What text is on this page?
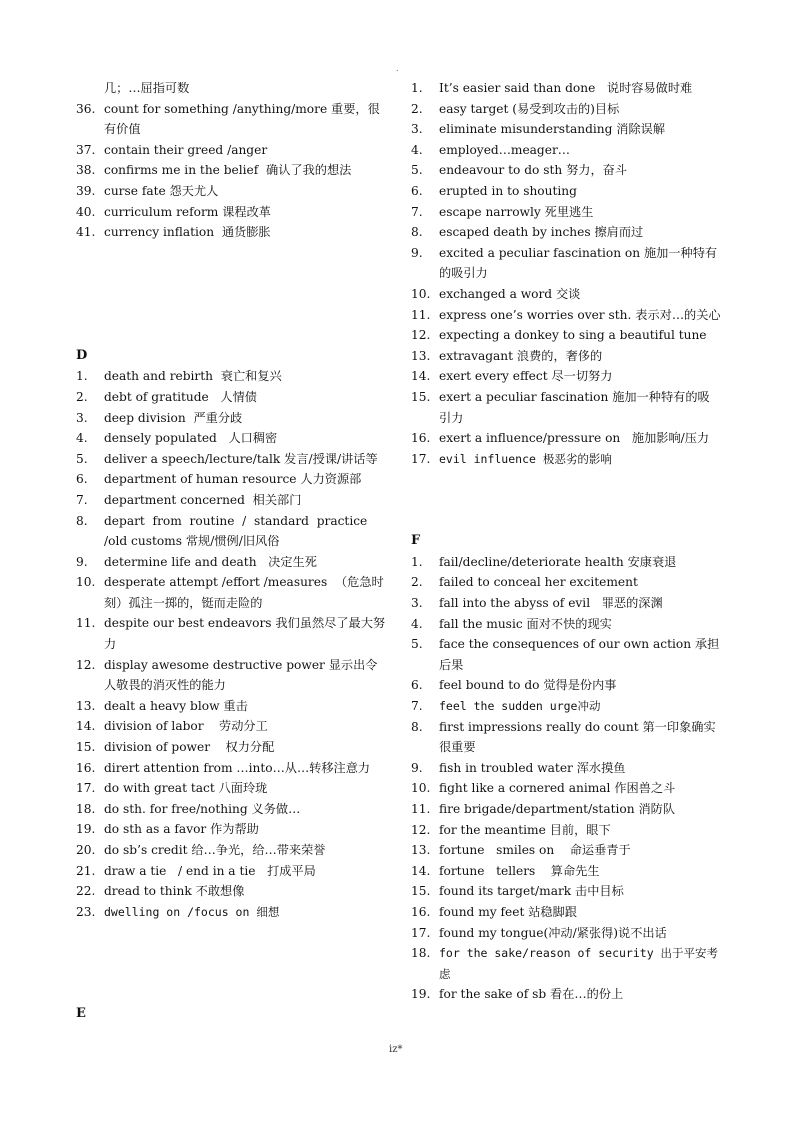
.
几；…屈指可数
36. count for something /anything/more 重要，很有价值
37. contain their greed /anger
38. confirms me in the belief  确认了我的想法
39. curse fate 怨天尤人
40. curriculum reform 课程改革
41. currency inflation  通货膨胀
D
1.	death and rebirth  衰亡和复兴
2.	debt of gratitude   人情债
3.	deep division  严重分歧
4.	densely populated   人口稠密
5.	deliver a speech/lecture/talk 发言/授课/讲话等
6.	department of human resource 人力资源部
7.	department concerned  相关部门
8.	depart  from  routine  /  standard  practice  /old customs 常规/惯例/旧风俗
9.	determine life and death   决定生死
10. desperate attempt /effort /measures  （危急时刻）孤注一掷的，铤而走险的
11. despite our best endeavors 我们虽然尽了最大努力
12. display awesome destructive power 显示出令人敬畏的消灭性的能力
13. dealt a heavy blow 重击
14. division of labor    劳动分工
15. division of power    权力分配
16. dirert attention from …into…从…转移注意力
17. do with great tact 八面玲珑
18. do sth. for free/nothing 义务做…
19. do sth as a favor 作为帮助
20. do sb’s credit 给…争光，给…带来荣誉
21. draw a tie   / end in a tie   打成平局
22. dread to think 不敢想像
23. dwelling on /focus on 细想
E
1.	It’s easier said than done   说时容易做时难
2.	easy target (易受到攻击的)目标
3.	eliminate misunderstanding 消除误解
4.	employed…meager…
5.	endeavour to do sth 努力，奋斗
6.	erupted in to shouting
7.	escape narrowly 死里逃生
8.	escaped death by inches 擦肩而过
9.	excited a peculiar fascination on 施加一种特有的吸引力
10. exchanged a word 交谈
11. express one’s worries over sth. 表示对…的关心
12. expecting a donkey to sing a beautiful tune
13. extravagant 浪费的，奢侈的
14. exert every effect 尽一切努力
15. exert a peculiar fascination 施加一种特有的吸引力
16. exert a influence/pressure on   施加影响/压力
17. evil influence 极恶劣的影响
F
1.	fail/decline/deteriorate health 安康衰退
2.	failed to conceal her excitement
3.	fall into the abyss of evil   罪恶的深渊
4.	fall the music 面对不快的现实
5.	face the consequences of our own action 承担后果
6.	feel bound to do 觉得是份内事
7.	feel the sudden urge冲动
8.	first impressions really do count 第一印象确实很重要
9.	fish in troubled water 浑水摸鱼
10. fight like a cornered animal 作困兽之斗
11. fire brigade/department/station 消防队
12. for the meantime 目前，眼下
13. fortune   smiles on    命运垂青于
14. fortune   tellers    算命先生
15. found its target/mark 击中目标
16. found my feet 站稳脚跟
17. found my tongue(冲动/紧张得)说不出话
18. for the sake/reason of security 出于平安考虑
19. for the sake of sb 看在…的份上
iz*
